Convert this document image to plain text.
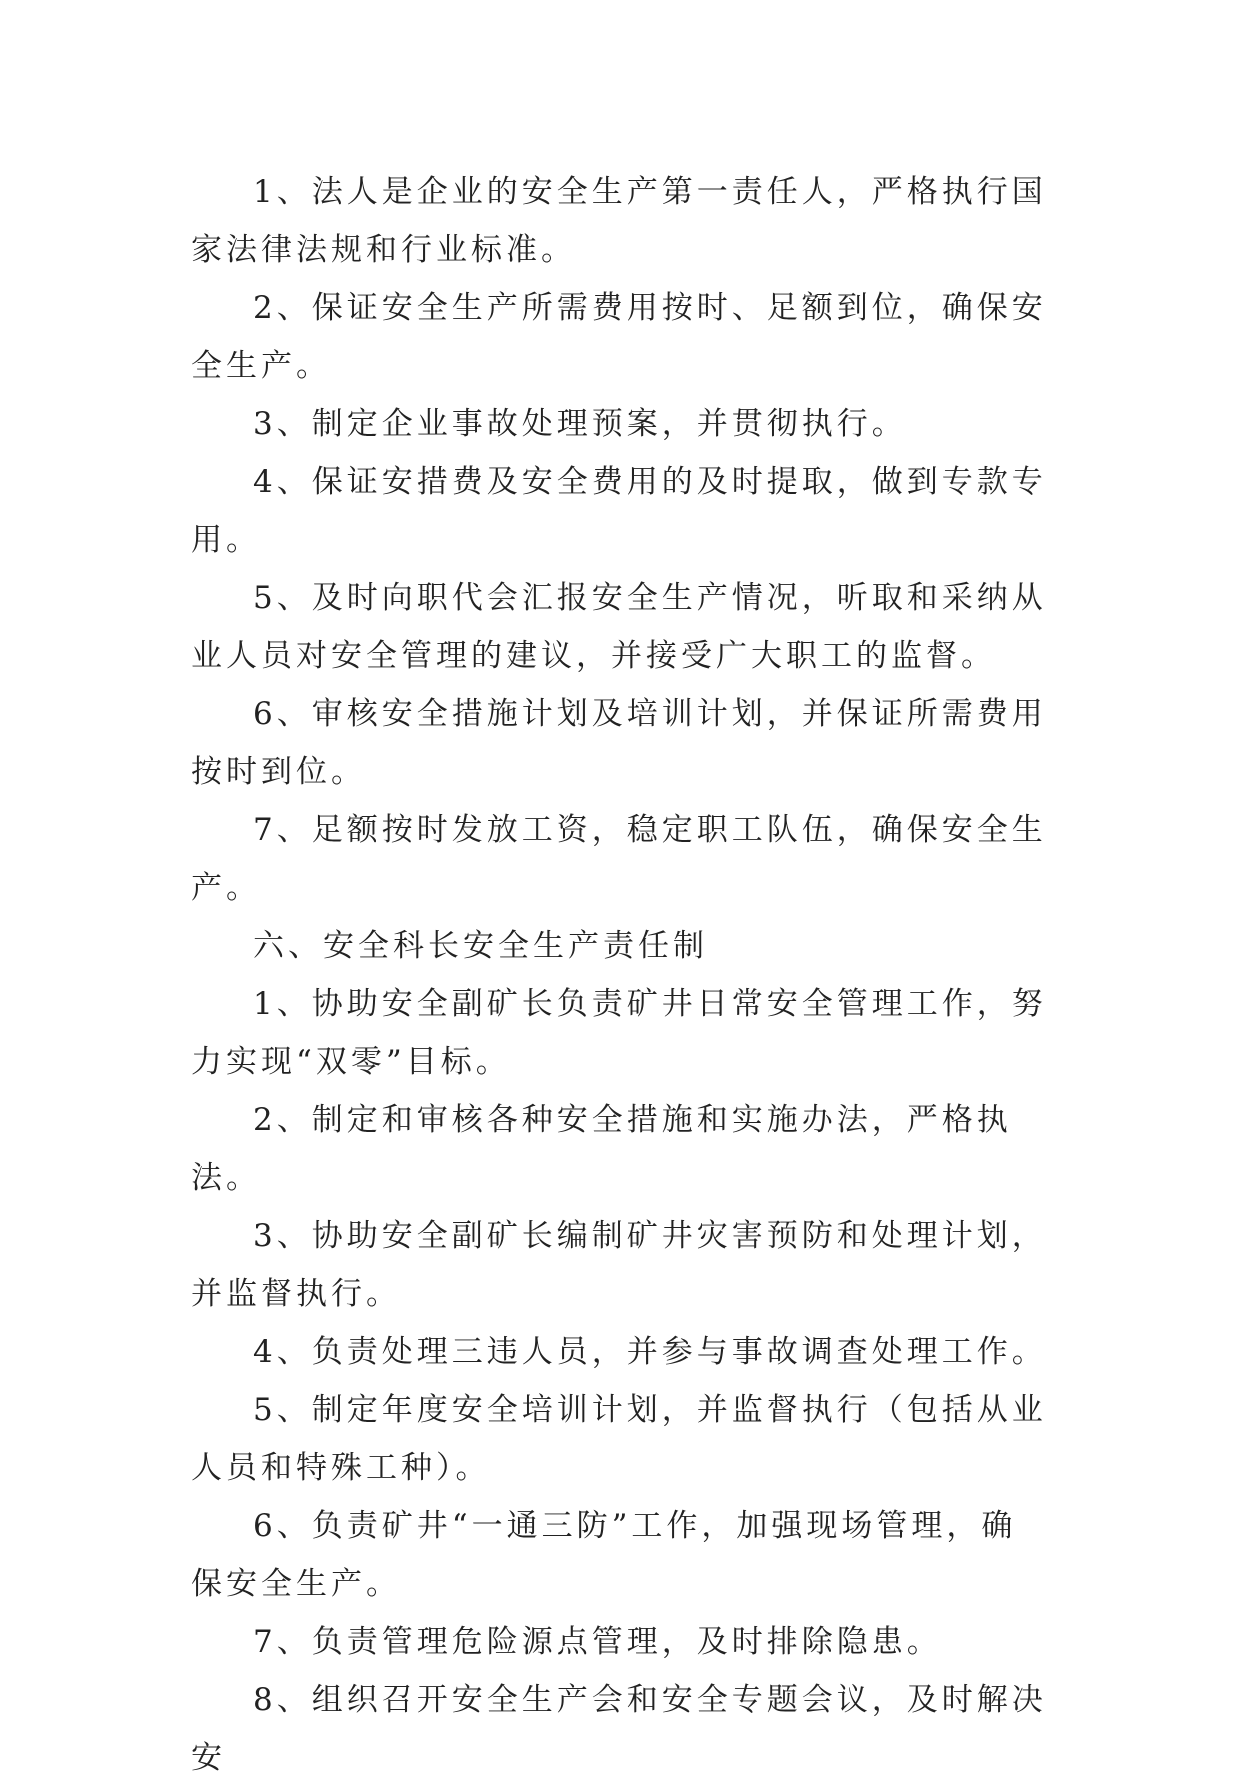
1、法人是企业的安全生产第一责任人，严格执行国家法律法规和行业标准。

2、保证安全生产所需费用按时、足额到位，确保安全生产。

3、制定企业事故处理预案，并贯彻执行。

4、保证安措费及安全费用的及时提取，做到专款专用。

5、及时向职代会汇报安全生产情况，听取和采纳从业人员对安全管理的建议，并接受广大职工的监督。

6、审核安全措施计划及培训计划，并保证所需费用按时到位。

7、足额按时发放工资，稳定职工队伍，确保安全生产。

六、安全科长安全生产责任制

1、协助安全副矿长负责矿井日常安全管理工作，努力实现“双零”目标。

2、制定和审核各种安全措施和实施办法，严格执法。

3、协助安全副矿长编制矿井灾害预防和处理计划，并监督执行。

4、负责处理三违人员，并参与事故调查处理工作。

5、制定年度安全培训计划，并监督执行（包括从业人员和特殊工种）。

6、负责矿井“一通三防”工作，加强现场管理，确保安全生产。

7、负责管理危险源点管理，及时排除隐患。

8、组织召开安全生产会和安全专题会议，及时解决安
